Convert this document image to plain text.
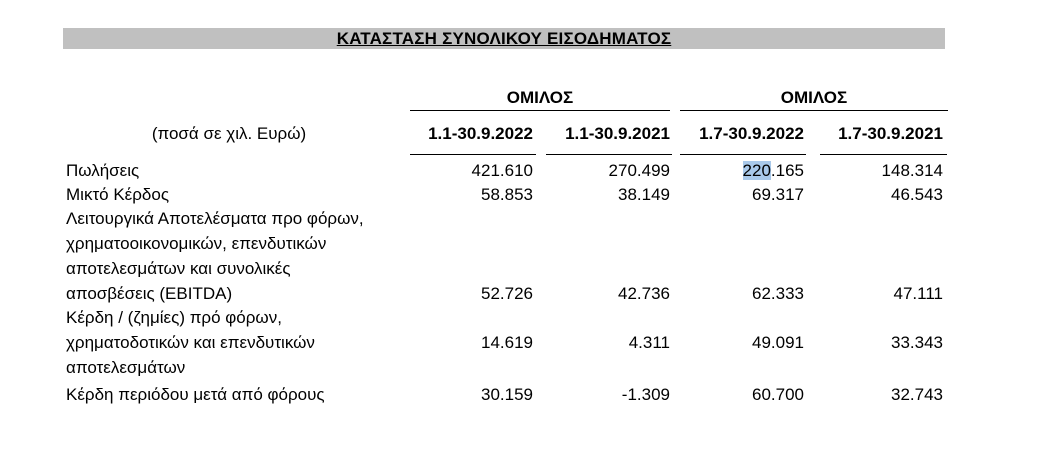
ΚΑΤΑΣΤΑΣΗ ΣΥΝΟΛΙΚΟΥ ΕΙΣΟΔΗΜΑΤΟΣ
ΟΜΙΛΟΣ	ΟΜΙΛΟΣ
(ποσά σε χιλ. Ευρώ)	1.1-30.9.2022	1.1-30.9.2021	1.7-30.9.2022	1.7-30.9.2021
Πωλήσεις	421.610	270.499	220.165	148.314
Μικτό Κέρδος	58.853	38.149	69.317	46.543
Λειτουργικά Αποτελέσματα προ φόρων,
χρηματοοικονομικών, επενδυτικών
αποτελεσμάτων και συνολικές
αποσβέσεις (EBITDA)	52.726	42.736	62.333	47.111
Κέρδη / (ζημίες) πρό φόρων,
χρηματοδοτικών και επενδυτικών
αποτελεσμάτων
14.619	4.311	49.091	33.343
Κέρδη περιόδου μετά από φόρους	30.159	-1.309	60.700	32.743
